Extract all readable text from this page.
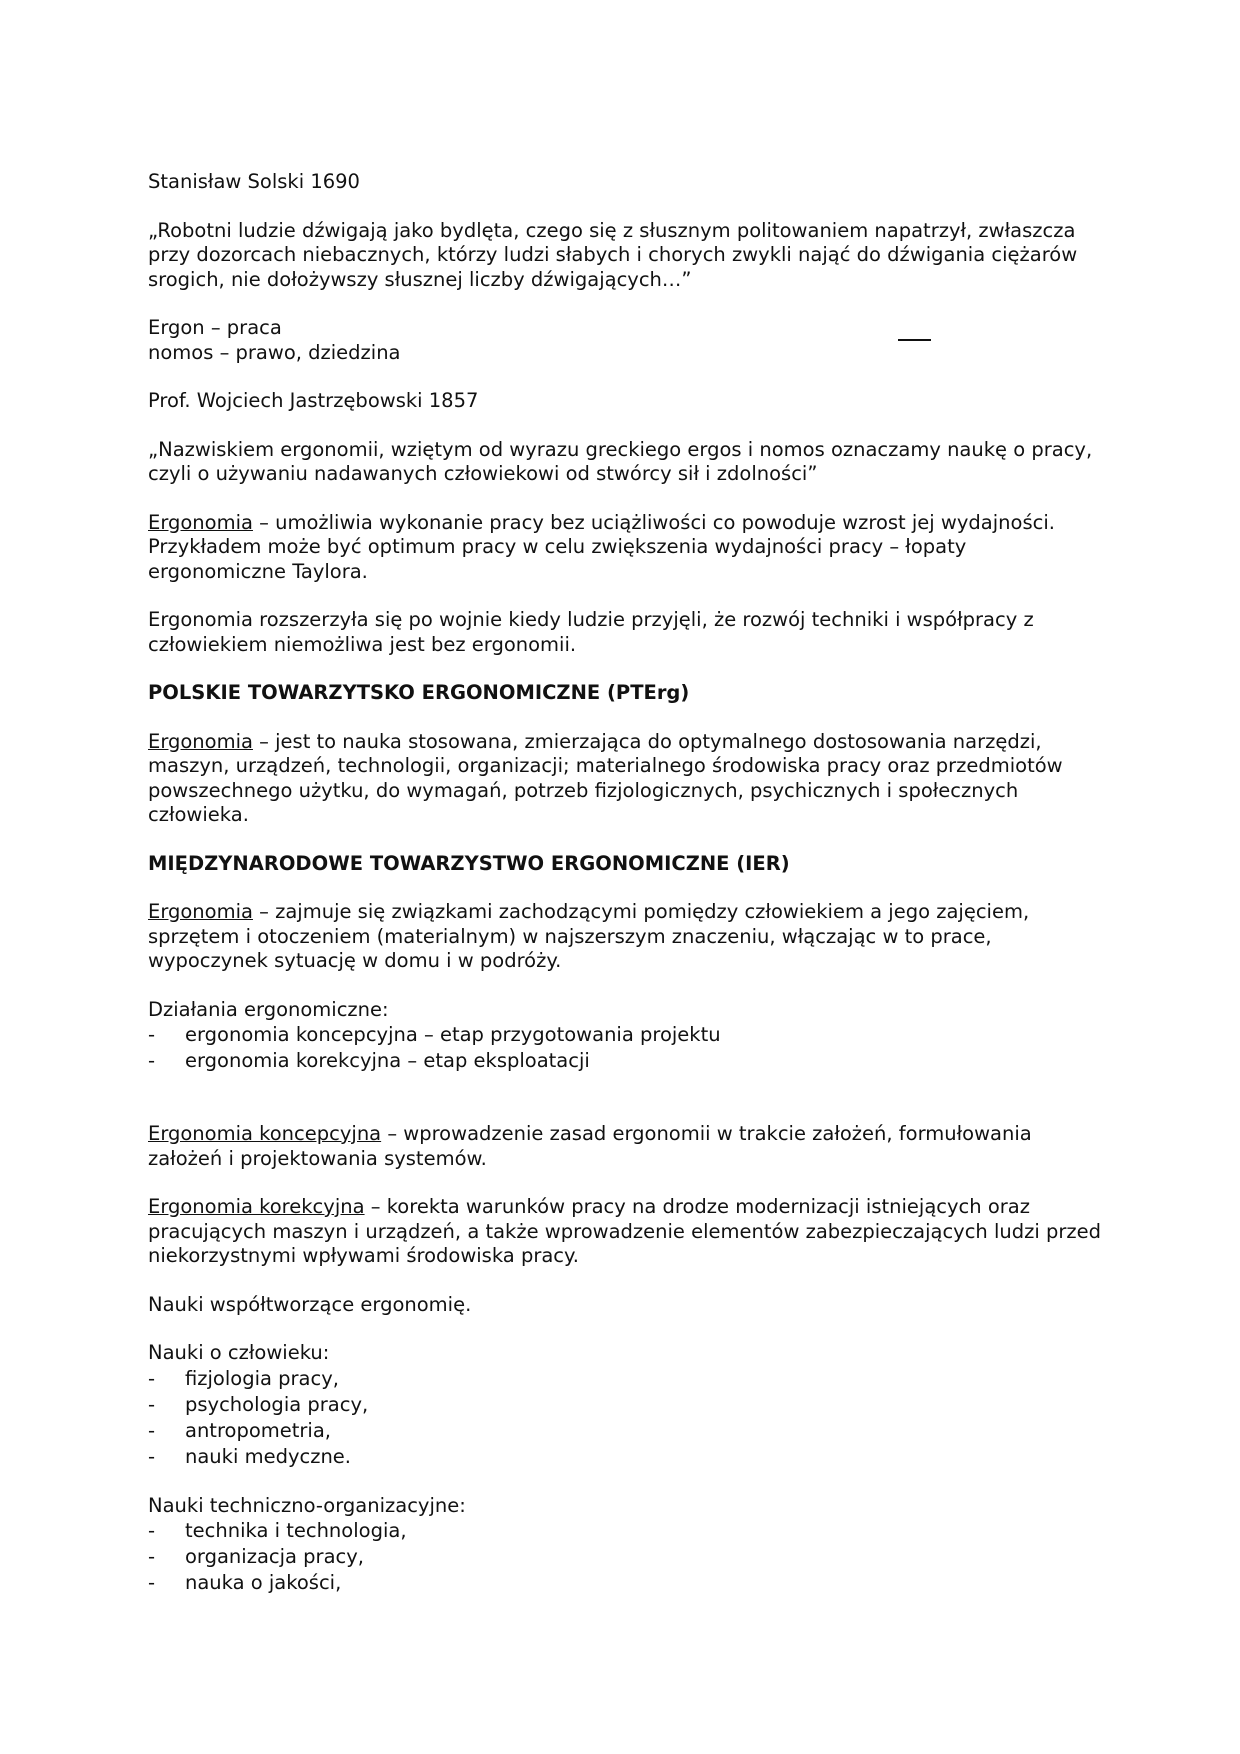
Stanisław Solski 1690

„Robotni ludzie dźwigają jako bydlęta, czego się z słusznym politowaniem napatrzył, zwłaszcza przy dozorcach niebacznych, którzy ludzi słabych i chorych zwykli nająć do dźwigania ciężarów srogich, nie dołożywszy słusznej liczby dźwigających…”

Ergon – praca

nomos – prawo, dziedzina

Prof. Wojciech Jastrzębowski 1857

„Nazwiskiem ergonomii, wziętym od wyrazu greckiego ergos i nomos oznaczamy naukę o pracy, czyli o używaniu nadawanych człowiekowi od stwórcy sił i zdolności”

Ergonomia – umożliwia wykonanie pracy bez uciążliwości co powoduje wzrost jej wydajności. Przykładem może być optimum pracy w celu zwiększenia wydajności pracy – łopaty ergonomiczne Taylora.

Ergonomia rozszerzyła się po wojnie kiedy ludzie przyjęli, że rozwój techniki i współpracy z człowiekiem niemożliwa jest bez ergonomii.

POLSKIE TOWARZYTSKO ERGONOMICZNE (PTErg)

Ergonomia – jest to nauka stosowana, zmierzająca do optymalnego dostosowania narzędzi, maszyn, urządzeń, technologii, organizacji; materialnego środowiska pracy oraz przedmiotów powszechnego użytku, do wymagań, potrzeb fizjologicznych, psychicznych i społecznych człowieka.

MIĘDZYNARODOWE TOWARZYSTWO ERGONOMICZNE (IER)

Ergonomia – zajmuje się związkami zachodzącymi pomiędzy człowiekiem a jego zajęciem, sprzętem i otoczeniem (materialnym) w najszerszym znaczeniu, włączając w to prace, wypoczynek sytuację w domu i w podróży.

Działania ergonomiczne:

- ergonomia koncepcyjna – etap przygotowania projektu
- ergonomia korekcyjna – etap eksploatacji

Ergonomia koncepcyjna – wprowadzenie zasad ergonomii w trakcie założeń, formułowania założeń i projektowania systemów.

Ergonomia korekcyjna – korekta warunków pracy na drodze modernizacji istniejących oraz pracujących maszyn i urządzeń, a także wprowadzenie elementów zabezpieczających ludzi przed niekorzystnymi wpływami środowiska pracy.

Nauki współtworzące ergonomię.

Nauki o człowieku:

- fizjologia pracy,
- psychologia pracy,
- antropometria,
- nauki medyczne.

Nauki techniczno-organizacyjne:

- technika i technologia,
- organizacja pracy,
- nauka o jakości,
